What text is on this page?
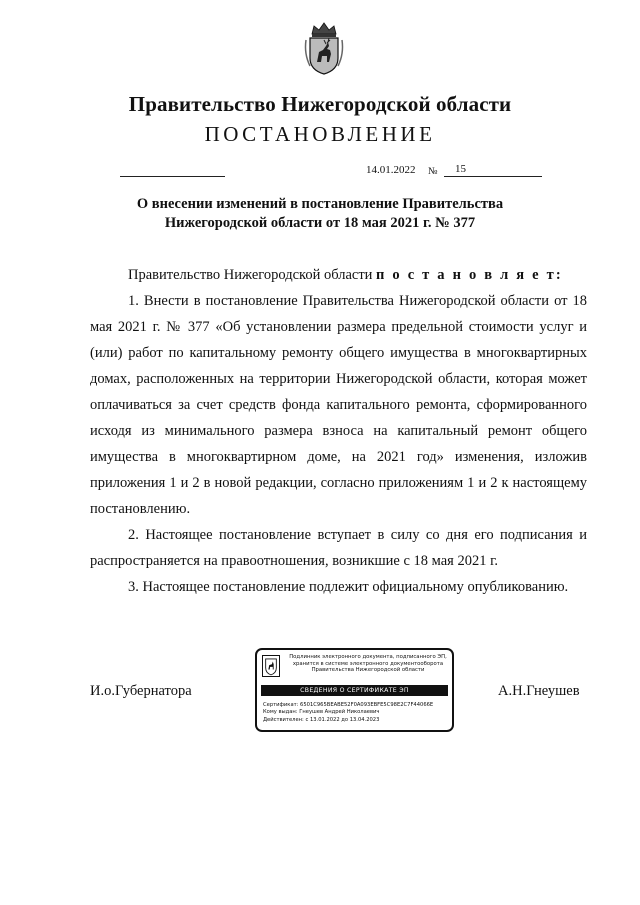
Правительство Нижегородской области
ПОСТАНОВЛЕНИЕ
14.01.2022 № 15
О внесении изменений в постановление Правительства
Нижегородской области от 18 мая 2021 г. № 377

Правительство Нижегородской области п о с т а н о в л я е т:

1. Внести в постановление Правительства Нижегородской области от 18 мая 2021 г. № 377 «Об установлении размера предельной стоимости услуг и (или) работ по капитальному ремонту общего имущества в многоквартирных домах, расположенных на территории Нижегородской области, которая может оплачиваться за счет средств фонда капитального ремонта, сформированного исходя из минимального размера взноса на капитальный ремонт общего имущества в многоквартирном доме, на 2021 год» изменения, изложив приложения 1 и 2 в новой редакции, согласно приложениям 1 и 2 к настоящему постановлению.

2. Настоящее постановление вступает в силу со дня его подписания и распространяется на правоотношения, возникшие с 18 мая 2021 г.

3. Настоящее постановление подлежит официальному опубликованию.

И.о.Губернатора
Подлинник электронного документа, подписанного ЭП,
хранится в системе электронного документооборота
Правительства Нижегородской области
СВЕДЕНИЯ О СЕРТИФИКАТЕ ЭП
Сертификат: 6501C965BEABE52F0A093EBFE5C98E2C7F44066E
Кому выдан: Гнеушев Андрей Николаевич
Действителен: с 13.01.2022 до 13.04.2023
А.Н.Гнеушев
